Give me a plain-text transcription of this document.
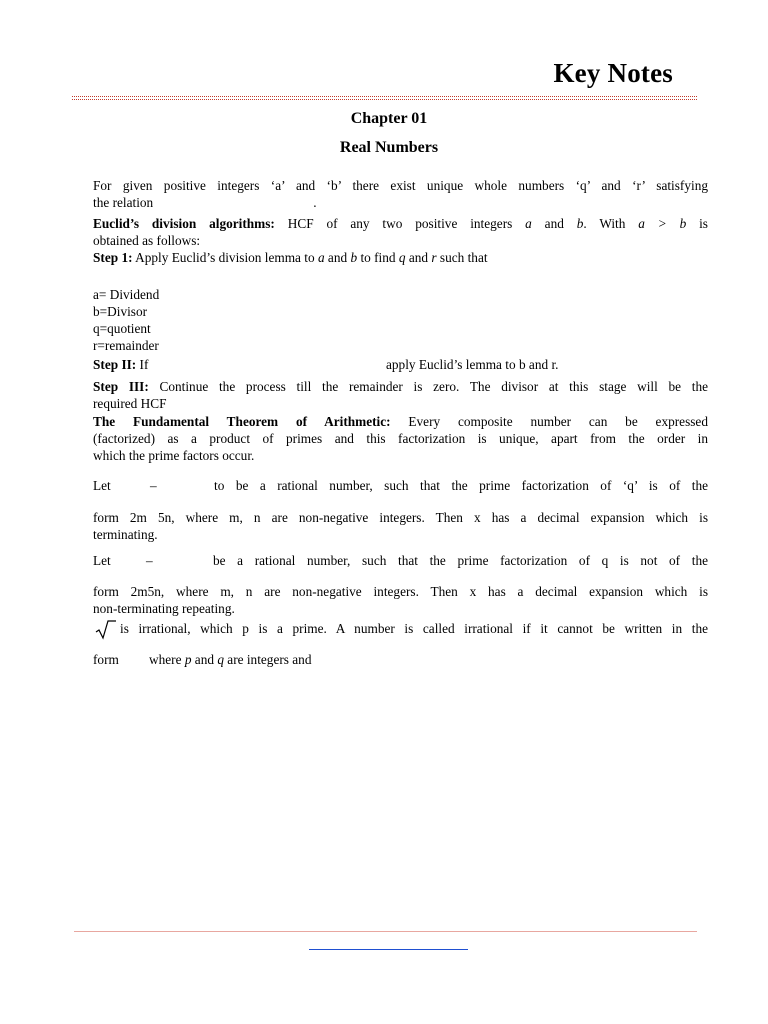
Key Notes
Chapter 01
Real Numbers
For given positive integers ‘a’ and ‘b’ there exist unique whole numbers ‘q’ and ‘r’ satisfying
the relation	.
Euclid’s division algorithms: HCF of any two positive integers a and b. With a > b is
obtained as follows:
Step 1: Apply Euclid’s division lemma to a and b to find q and r such that
a= Dividend
b=Divisor
q=quotient
r=remainder
Step II: If	apply Euclid’s lemma to b and r.
Step III: Continue the process till the remainder is zero. The divisor at this stage will be the
required HCF
The Fundamental Theorem of Arithmetic: Every composite number can be expressed
(factorized) as a product of primes and this factorization is unique, apart from the order in
which the prime factors occur.
Let	–	to be a rational number, such that the prime factorization of ‘q’ is of the
form 2m 5n, where m, n are non-negative integers. Then x has a decimal expansion which is
terminating.
Let	–	be a rational number, such that the prime factorization of q is not of the
form 2m5n, where m, n are non-negative integers. Then x has a decimal expansion which is
non-terminating repeating.
is irrational, which p is a prime. A number is called irrational if it cannot be written in the
form where p and q are integers and
